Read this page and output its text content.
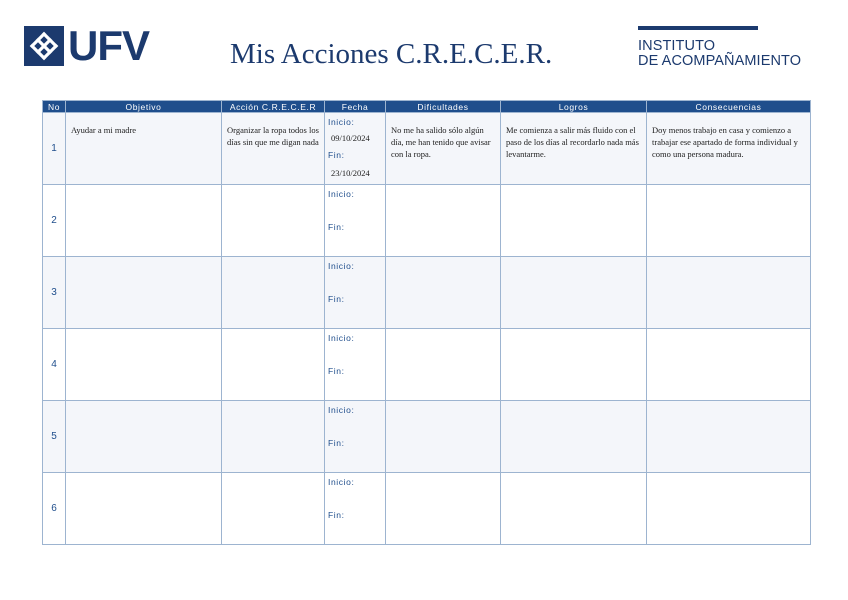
UFV	Mis Acciones C.R.E.C.E.R.	INSTITUTO
DE ACOMPAÑAMIENTO
No	Objetivo	Acción C.R.E.C.E.R	Fecha	Dificultades	Logros	Consecuencias
1	Ayudar a mi madre	Organizar la ropa todos los días sin que me digan nada	Inicio:
09/10/2024
Fin:
23/10/2024	No me ha salido sólo algún día, me han tenido que avisar con la ropa.	Me comienza a salir más fluido con el paso de los días al recordarlo nada más levantarme.	Doy menos trabajo en casa y comienzo a trabajar ese apartado de forma individual y como una persona madura.

2			Inicio:
Fin:			

3			Inicio:
Fin:			

4			Inicio:
Fin:			

5			Inicio:
Fin:			

6			Inicio:
Fin:			
